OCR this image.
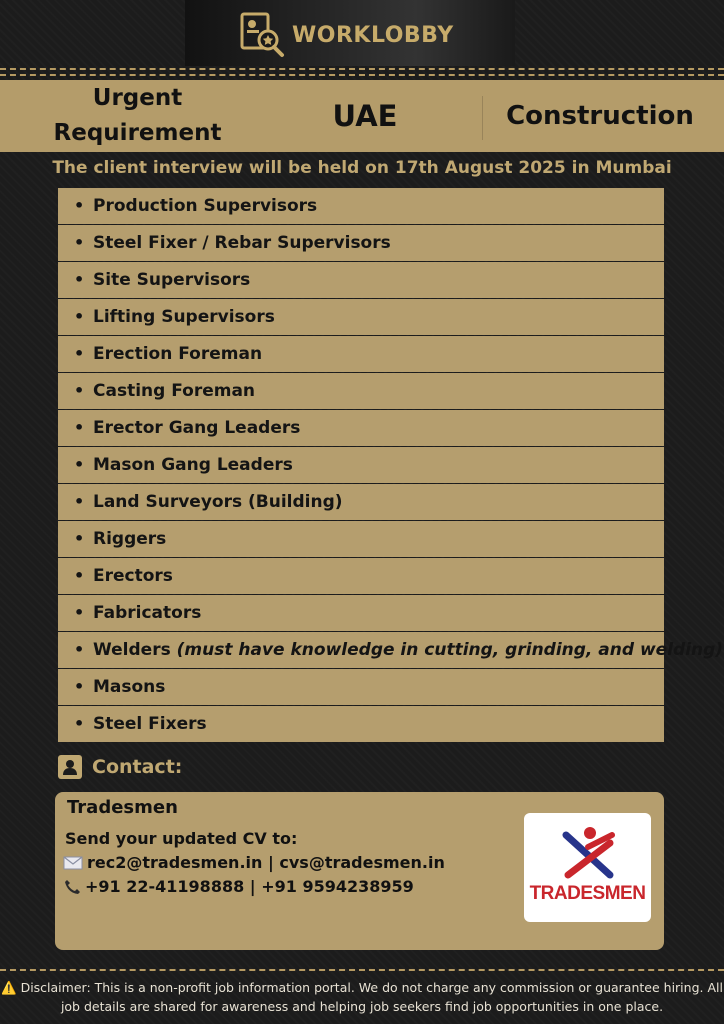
WORKLOBBY
Urgent Requirement	UAE	Construction
The client interview will be held on 17th August 2025 in Mumbai
• Production Supervisors
• Steel Fixer / Rebar Supervisors
• Site Supervisors
• Lifting Supervisors
• Erection Foreman
• Casting Foreman
• Erector Gang Leaders
• Mason Gang Leaders
• Land Surveyors (Building)
• Riggers
• Erectors
• Fabricators
• Welders (must have knowledge in cutting, grinding, and welding)
• Masons
• Steel Fixers
Contact:
Tradesmen
Send your updated CV to:
rec2@tradesmen.in | cvs@tradesmen.in
+91 22-41198888 | +91 9594238959	TRADESMEN
⚠️ Disclaimer: This is a non-profit job information portal. We do not charge any commission or guarantee hiring. All
job details are shared for awareness and helping job seekers find job opportunities in one place.
